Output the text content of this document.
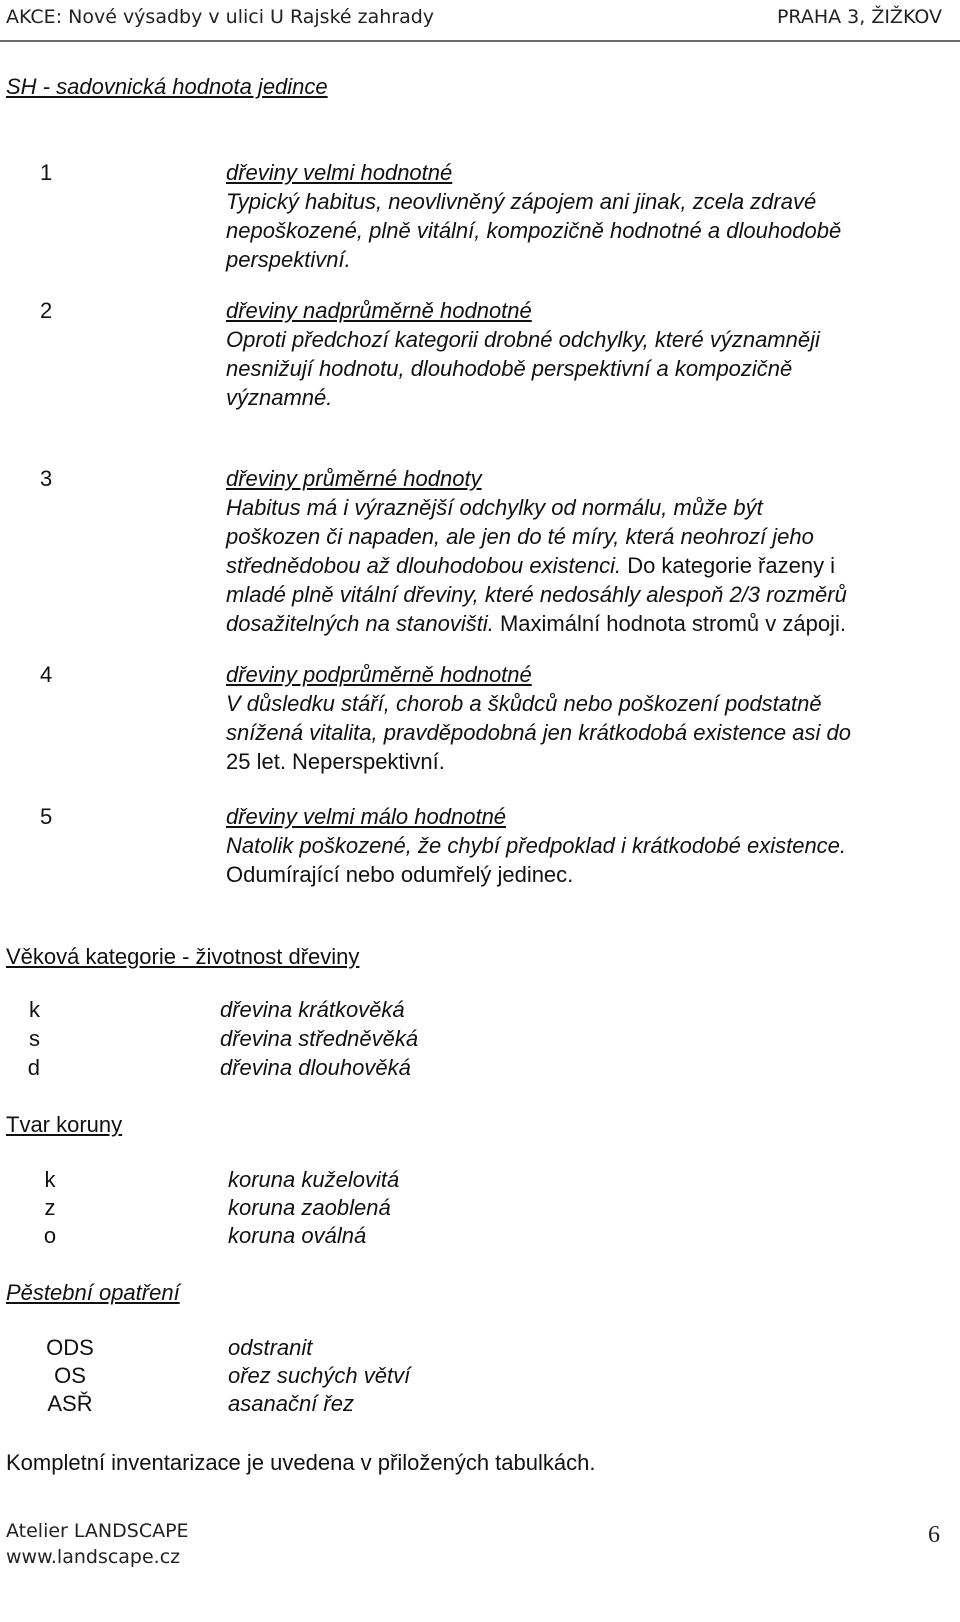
AKCE: Nové výsadby v ulici U Rajské zahrady	PRAHA 3, ŽIŽKOV
SH - sadovnická hodnota jedince
1	dřeviny velmi hodnotné

Typický habitus, neovlivněný zápojem ani jinak, zcela zdravé

nepoškozené, plně vitální, kompozičně hodnotné a dlouhodobě

perspektivní.

2	dřeviny nadprůměrně hodnotné

Oproti předchozí kategorii drobné odchylky, které významněji

nesnižují hodnotu, dlouhodobě perspektivní a kompozičně

významné.

3	dřeviny průměrné hodnoty

Habitus má i výraznější odchylky od normálu, může být

poškozen či napaden, ale jen do té míry, která neohrozí jeho

střednědobou až dlouhodobou existenci. Do kategorie řazeny i

mladé plně vitální dřeviny, které nedosáhly alespoň 2/3 rozměrů

dosažitelných na stanovišti. Maximální hodnota stromů v zápoji.

4	dřeviny podprůměrně hodnotné

V důsledku stáří, chorob a škůdců nebo poškození podstatně

snížená vitalita, pravděpodobná jen krátkodobá existence asi do

25 let. Neperspektivní.

5	dřeviny velmi málo hodnotné

Natolik poškozené, že chybí předpoklad i krátkodobé existence.

Odumírající nebo odumřelý jedinec.

Věková kategorie - životnost dřeviny
k	dřevina krátkověká
s	dřevina středněvěká
d	dřevina dlouhověká
Tvar koruny
k	koruna kuželovitá
z	koruna zaoblená
o	koruna oválná
Pěstební opatření
ODS	odstranit
OS	ořez suchých větví
ASŘ	asanační řez
Kompletní inventarizace je uvedena v přiložených tabulkách.
Atelier LANDSCAPE
www.landscape.cz
6
